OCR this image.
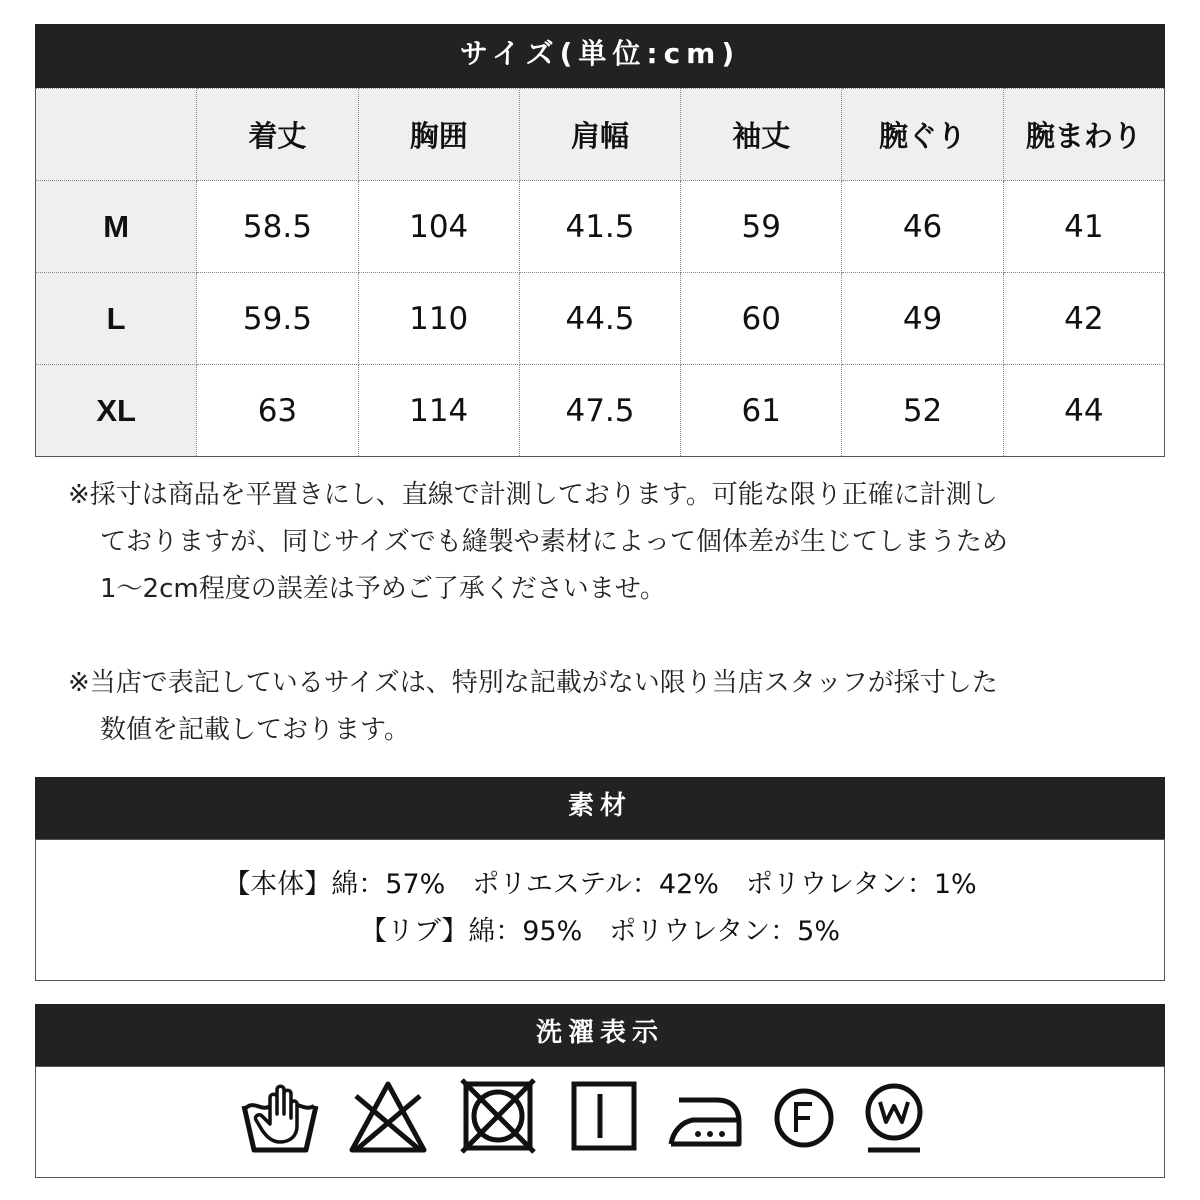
サイズ(単位:cm)
	着丈	胸囲	肩幅	袖丈	腕ぐり	腕まわり
M	58.5	104	41.5	59	46	41
L	59.5	110	44.5	60	49	42
XL	63	114	47.5	61	52	44
※採寸は商品を平置きにし、直線で計測しております。可能な限り正確に計測し
ておりますが、同じサイズでも縫製や素材によって個体差が生じてしまうため
1～2cm程度の誤差は予めご了承くださいませ。
※当店で表記しているサイズは、特別な記載がない限り当店スタッフが採寸した
数値を記載しております。
素材
【本体】綿：57%　ポリエステル：42%　ポリウレタン：1%
【リブ】綿：95%　ポリウレタン：5%
洗濯表示
